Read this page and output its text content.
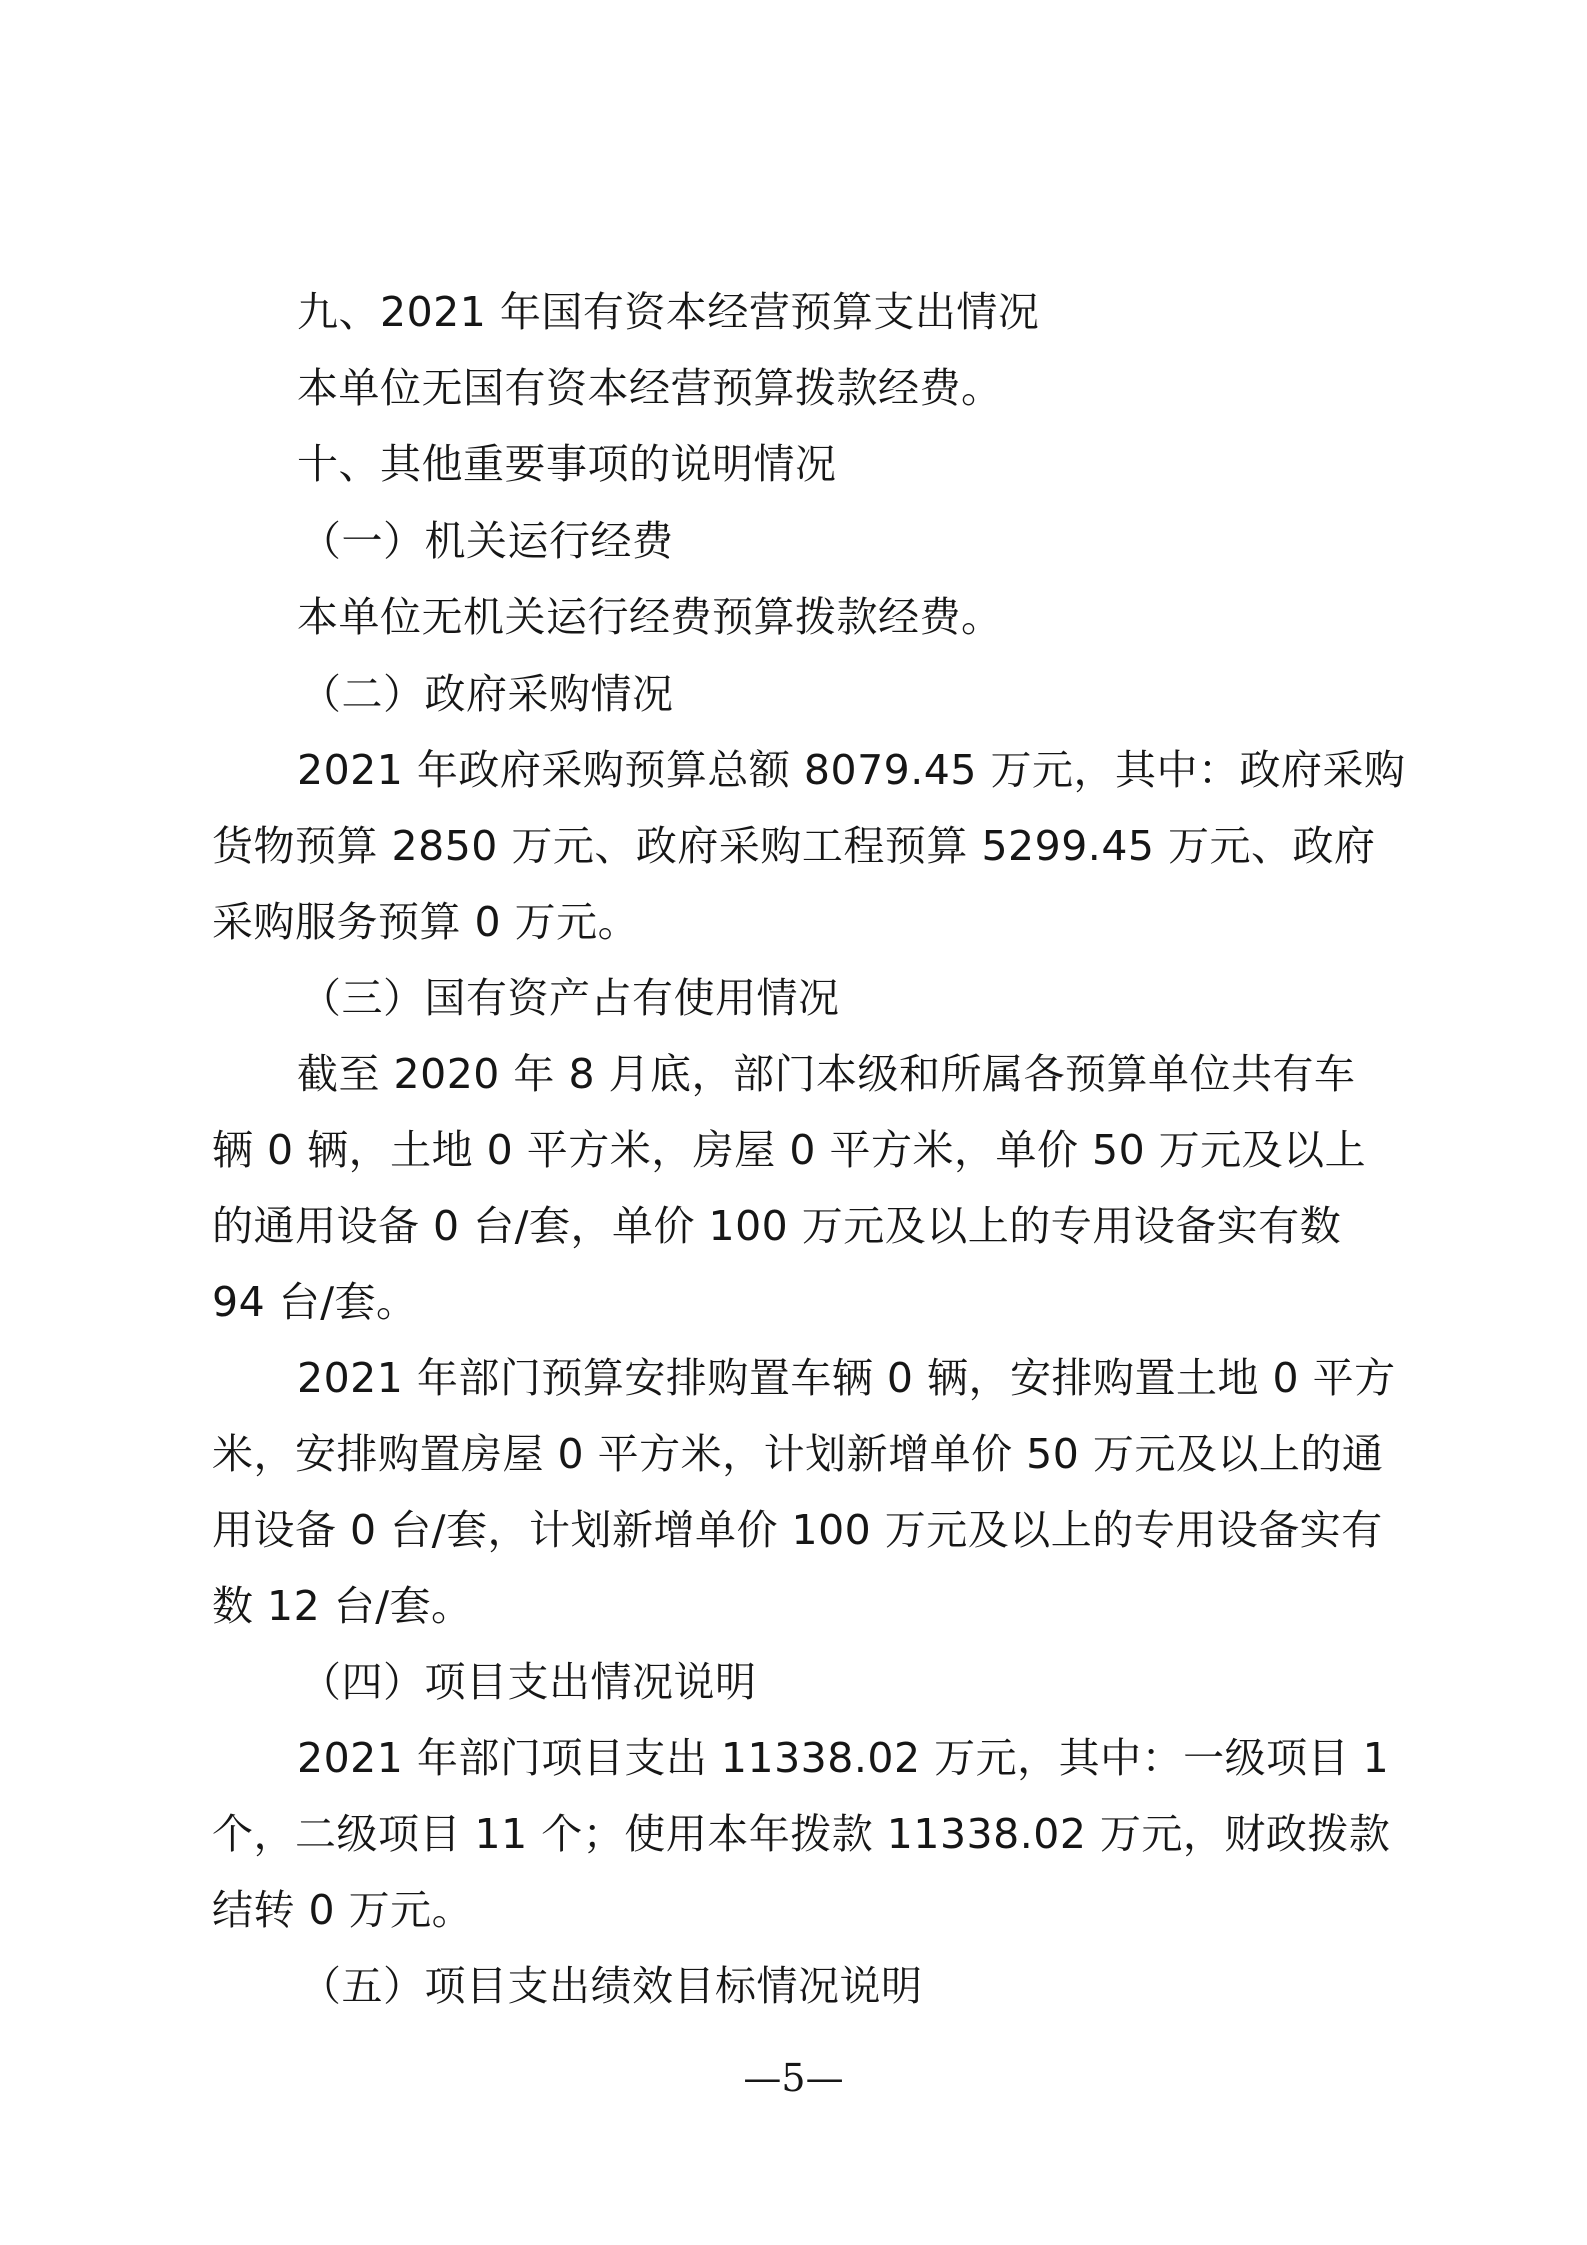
九、2021 年国有资本经营预算支出情况
本单位无国有资本经营预算拨款经费。
十、其他重要事项的说明情况
（一）机关运行经费
本单位无机关运行经费预算拨款经费。
（二）政府采购情况
2021 年政府采购预算总额 8079.45 万元，其中：政府采购
货物预算 2850 万元、政府采购工程预算 5299.45 万元、政府
采购服务预算 0 万元。
（三）国有资产占有使用情况
截至 2020 年 8 月底，部门本级和所属各预算单位共有车
辆 0 辆，土地 0 平方米，房屋 0 平方米，单价 50 万元及以上
的通用设备 0 台/套，单价 100 万元及以上的专用设备实有数
94 台/套。
2021 年部门预算安排购置车辆 0 辆，安排购置土地 0 平方
米，安排购置房屋 0 平方米，计划新增单价 50 万元及以上的通
用设备 0 台/套，计划新增单价 100 万元及以上的专用设备实有
数 12 台/套。
（四）项目支出情况说明
2021 年部门项目支出 11338.02 万元，其中：一级项目 1
个，二级项目 11 个；使用本年拨款 11338.02 万元，财政拨款
结转 0 万元。
（五）项目支出绩效目标情况说明
—5—
